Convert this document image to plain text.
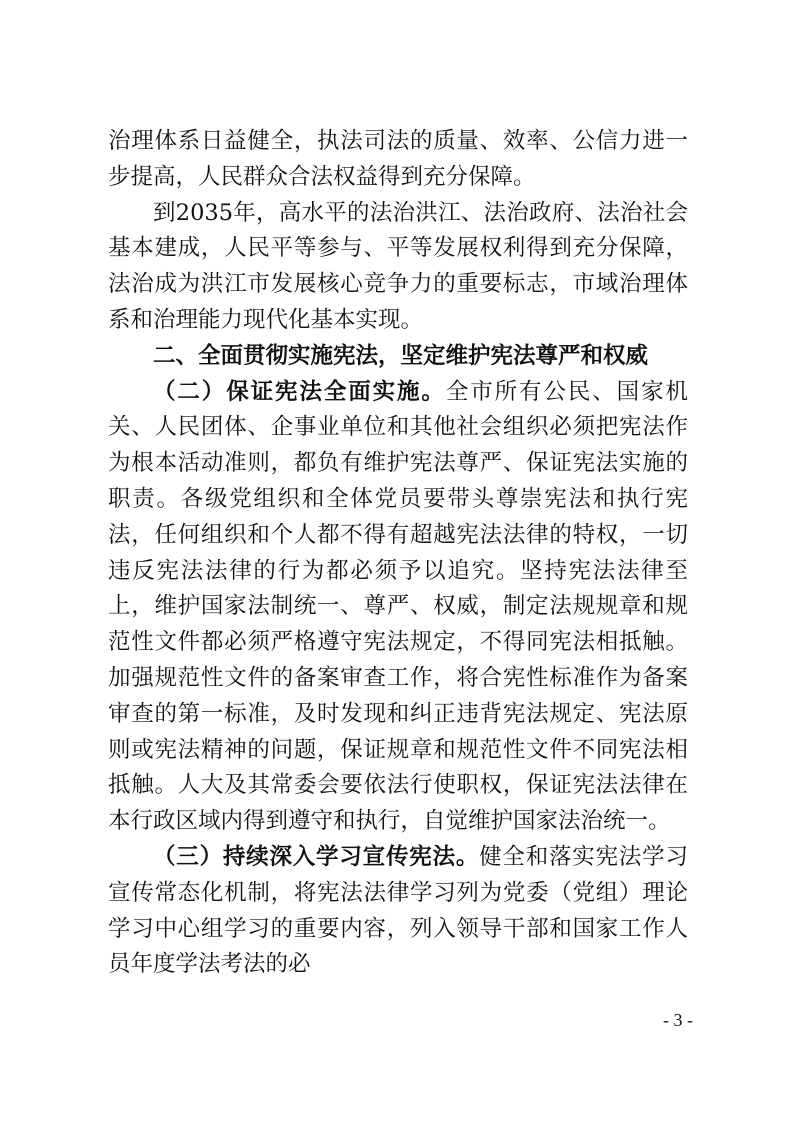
治理体系日益健全，执法司法的质量、效率、公信力进一步提高，人民群众合法权益得到充分保障。

到2035年，高水平的法治洪江、法治政府、法治社会基本建成，人民平等参与、平等发展权利得到充分保障，法治成为洪江市发展核心竞争力的重要标志，市域治理体系和治理能力现代化基本实现。

二、全面贯彻实施宪法，坚定维护宪法尊严和权威

（二）保证宪法全面实施。全市所有公民、国家机关、人民团体、企事业单位和其他社会组织必须把宪法作为根本活动准则，都负有维护宪法尊严、保证宪法实施的职责。各级党组织和全体党员要带头尊崇宪法和执行宪法，任何组织和个人都不得有超越宪法法律的特权，一切违反宪法法律的行为都必须予以追究。坚持宪法法律至上，维护国家法制统一、尊严、权威，制定法规规章和规范性文件都必须严格遵守宪法规定，不得同宪法相抵触。加强规范性文件的备案审查工作，将合宪性标准作为备案审查的第一标准，及时发现和纠正违背宪法规定、宪法原则或宪法精神的问题，保证规章和规范性文件不同宪法相抵触。人大及其常委会要依法行使职权，保证宪法法律在本行政区域内得到遵守和执行，自觉维护国家法治统一。

（三）持续深入学习宣传宪法。健全和落实宪法学习宣传常态化机制，将宪法法律学习列为党委（党组）理论学习中心组学习的重要内容，列入领导干部和国家工作人员年度学法考法的必

- 3 -
